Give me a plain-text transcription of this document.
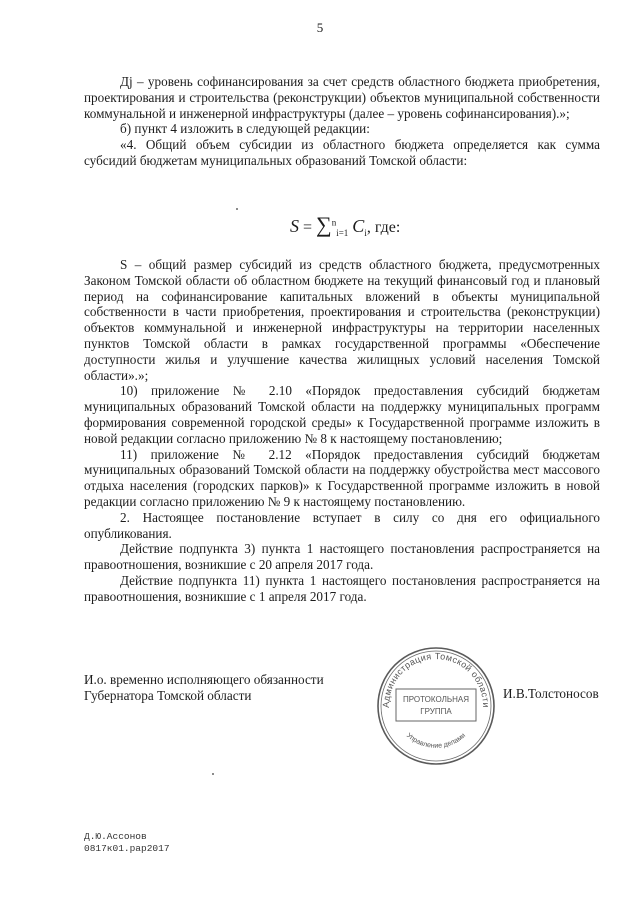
5

Дj – уровень софинансирования за счет средств областного бюджета приобретения, проектирования и строительства (реконструкции) объектов муниципальной собственности коммунальной и инженерной инфраструктуры (далее – уровень софинансирования).»;

б) пункт 4 изложить в следующей редакции:

«4. Общий объем субсидии из областного бюджета определяется как сумма субсидий бюджетам муниципальных образований Томской области:

S = ∑$^n_{i=1}$ $C_i$, где:

S – общий размер субсидий из средств областного бюджета, предусмотренных Законом Томской области об областном бюджете на текущий финансовый год и плановый период на софинансирование капитальных вложений в объекты муниципальной собственности в части приобретения, проектирования и строительства (реконструкции) объектов коммунальной и инженерной инфраструктуры на территории населенных пунктов Томской области в рамках государственной программы «Обеспечение доступности жилья и улучшение качества жилищных условий населения Томской области».»;

10) приложение № 2.10 «Порядок предоставления субсидий бюджетам муниципальных образований Томской области на поддержку муниципальных программ формирования современной городской среды» к Государственной программе изложить в новой редакции согласно приложению № 8 к настоящему постановлению;

11) приложение № 2.12 «Порядок предоставления субсидий бюджетам муниципальных образований Томской области на поддержку обустройства мест массового отдыха населения (городских парков)» к Государственной программе изложить в новой редакции согласно приложению № 9 к настоящему постановлению.

2. Настоящее постановление вступает в силу со дня его официального опубликования.

Действие подпункта 3) пункта 1 настоящего постановления распространяется на правоотношения, возникшие с 20 апреля 2017 года.

Действие подпункта 11) пункта 1 настоящего постановления распространяется на правоотношения, возникшие с 1 апреля 2017 года.

И.о. временно исполняющего обязанности
Губернатора Томской области
Администрация Томской области
Управление делами
ПРОТОКОЛЬНАЯ
ГРУППА
И.В.Толстоносов
Д.Ю.Ассонов
0817к01.рар2017
